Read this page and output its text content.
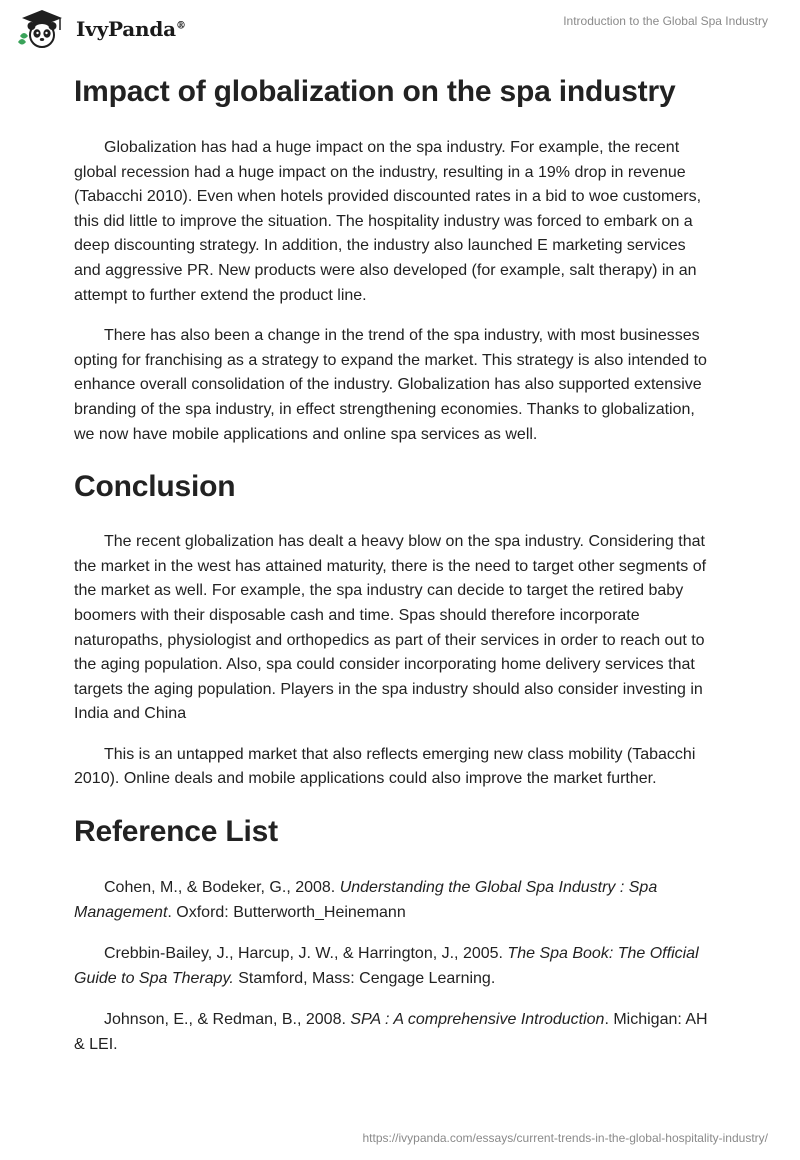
IvyPanda®	Introduction to the Global Spa Industry
Impact of globalization on the spa industry

Globalization has had a huge impact on the spa industry. For example, the recent global recession had a huge impact on the industry, resulting in a 19% drop in revenue (Tabacchi 2010). Even when hotels provided discounted rates in a bid to woe customers, this did little to improve the situation. The hospitality industry was forced to embark on a deep discounting strategy. In addition, the industry also launched E marketing services and aggressive PR. New products were also developed (for example, salt therapy) in an attempt to further extend the product line.

There has also been a change in the trend of the spa industry, with most businesses opting for franchising as a strategy to expand the market. This strategy is also intended to enhance overall consolidation of the industry. Globalization has also supported extensive branding of the spa industry, in effect strengthening economies. Thanks to globalization, we now have mobile applications and online spa services as well.

Conclusion

The recent globalization has dealt a heavy blow on the spa industry. Considering that the market in the west has attained maturity, there is the need to target other segments of the market as well. For example, the spa industry can decide to target the retired baby boomers with their disposable cash and time. Spas should therefore incorporate naturopaths, physiologist and orthopedics as part of their services in order to reach out to the aging population. Also, spa could consider incorporating home delivery services that targets the aging population. Players in the spa industry should also consider investing in India and China

This is an untapped market that also reflects emerging new class mobility (Tabacchi 2010). Online deals and mobile applications could also improve the market further.

Reference List

Cohen, M., & Bodeker, G., 2008. Understanding the Global Spa Industry : Spa Management. Oxford: Butterworth_Heinemann

Crebbin-Bailey, J., Harcup, J. W., & Harrington, J., 2005. The Spa Book: The Official Guide to Spa Therapy. Stamford, Mass: Cengage Learning.

Johnson, E., & Redman, B., 2008. SPA : A comprehensive Introduction. Michigan: AH & LEI.

https://ivypanda.com/essays/current-trends-in-the-global-hospitality-industry/
